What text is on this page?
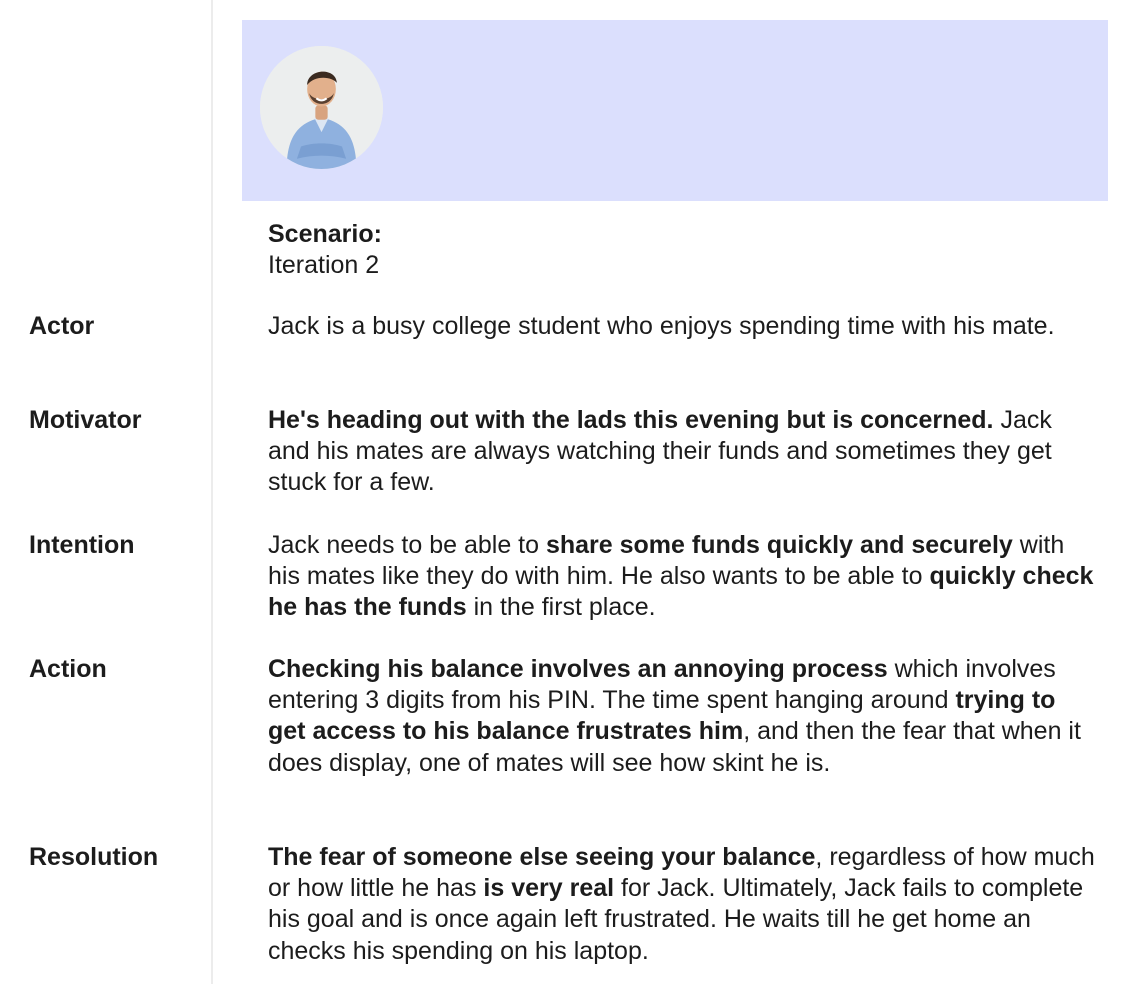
Scenario:
Iteration 2
Actor	Jack is a busy college student who enjoys spending time with his mate.
Motivator	He's heading out with the lads this evening but is concerned. Jack and his mates are always watching their funds and sometimes they get stuck for a few.
Intention	Jack needs to be able to share some funds quickly and securely with his mates like they do with him. He also wants to be able to quickly check he has the funds in the first place.
Action	Checking his balance involves an annoying process which involves entering 3 digits from his PIN. The time spent hanging around trying to get access to his balance frustrates him, and then the fear that when it does display, one of mates will see how skint he is.
Resolution	The fear of someone else seeing your balance, regardless of how much or how little he has is very real for Jack. Ultimately, Jack fails to complete his goal and is once again left frustrated. He waits till he get home an checks his spending on his laptop.
